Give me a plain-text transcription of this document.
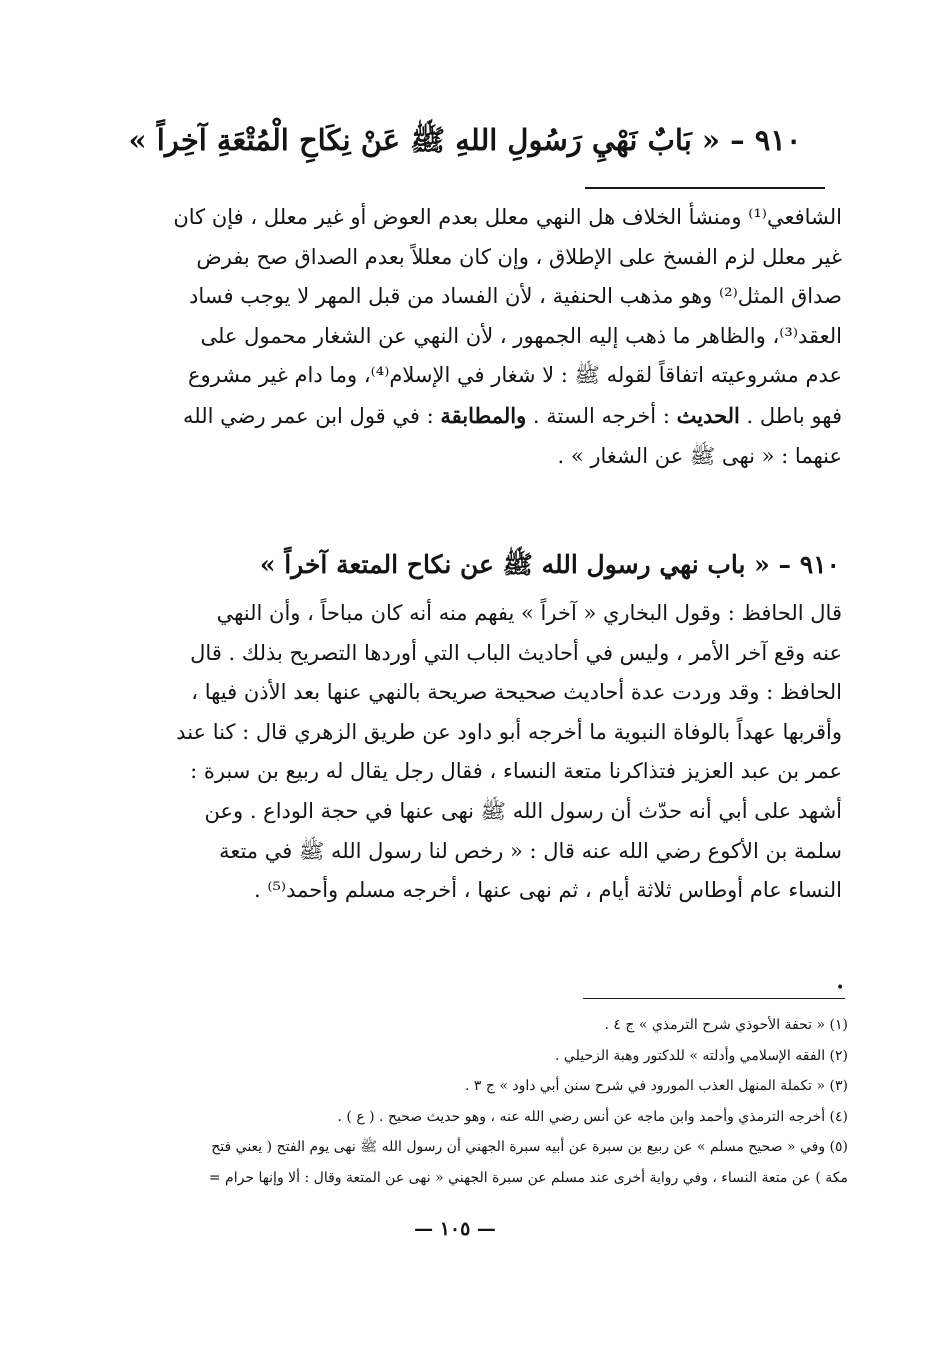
٩١٠ – « بَابٌ نَهْيِ رَسُولِ اللهِ ﷺ عَنْ نِكَاحِ الْمُتْعَةِ آخِراً »
الشافعي⁽¹⁾ ومنشأ الخلاف هل النهي معلل بعدم العوض أو غير معلل ، فإن كان
غير معلل لزم الفسخ على الإطلاق ، وإن كان معللاً بعدم الصداق صح بفرض
صداق المثل⁽²⁾ وهو مذهب الحنفية ، لأن الفساد من قبل المهر لا يوجب فساد
العقد⁽³⁾، والظاهر ما ذهب إليه الجمهور ، لأن النهي عن الشغار محمول على
عدم مشروعيته اتفاقاً لقوله ﷺ : لا شغار في الإسلام⁽⁴⁾، وما دام غير مشروع
فهو باطل . الحديث : أخرجه الستة . والمطابقة : في قول ابن عمر رضي الله
عنهما : « نهى ﷺ عن الشغار » .
٩١٠ – « باب نهي رسول الله ﷺ عن نكاح المتعة آخراً »
قال الحافظ : وقول البخاري « آخراً » يفهم منه أنه كان مباحاً ، وأن النهي
عنه وقع آخر الأمر ، وليس في أحاديث الباب التي أوردها التصريح بذلك . قال
الحافظ : وقد وردت عدة أحاديث صحيحة صريحة بالنهي عنها بعد الأذن فيها ،
وأقربها عهداً بالوفاة النبوية ما أخرجه أبو داود عن طريق الزهري قال : كنا عند
عمر بن عبد العزيز فتذاكرنا متعة النساء ، فقال رجل يقال له ربيع بن سبرة :
أشهد على أبي أنه حدّث أن رسول الله ﷺ نهى عنها في حجة الوداع . وعن
سلمة بن الأكوع رضي الله عنه قال : « رخص لنا رسول الله ﷺ في متعة
النساء عام أوطاس ثلاثة أيام ، ثم نهى عنها ، أخرجه مسلم وأحمد⁽⁵⁾ .
•
(١) « تحفة الأحوذي شرح الترمذي » ج ٤ .
(٢) الفقه الإسلامي وأدلته » للدكتور وهبة الزحيلي .
(٣) « تكملة المنهل العذب المورود في شرح سنن أبي داود » ج ٣ .
(٤) أخرجه الترمذي وأحمد وابن ماجه عن أنس رضي الله عنه ، وهو حديث صحيح . ( ع ) .
(٥) وفي « صحيح مسلم » عن ربيع بن سبرة عن أبيه سبرة الجهني أن رسول الله ﷺ نهى يوم الفتح ( يعني فتح
مكة ) عن متعة النساء ، وفي رواية أخرى عند مسلم عن سبرة الجهني « نهى عن المتعة وقال : ألا وإنها حرام =
— ١٠٥ —
